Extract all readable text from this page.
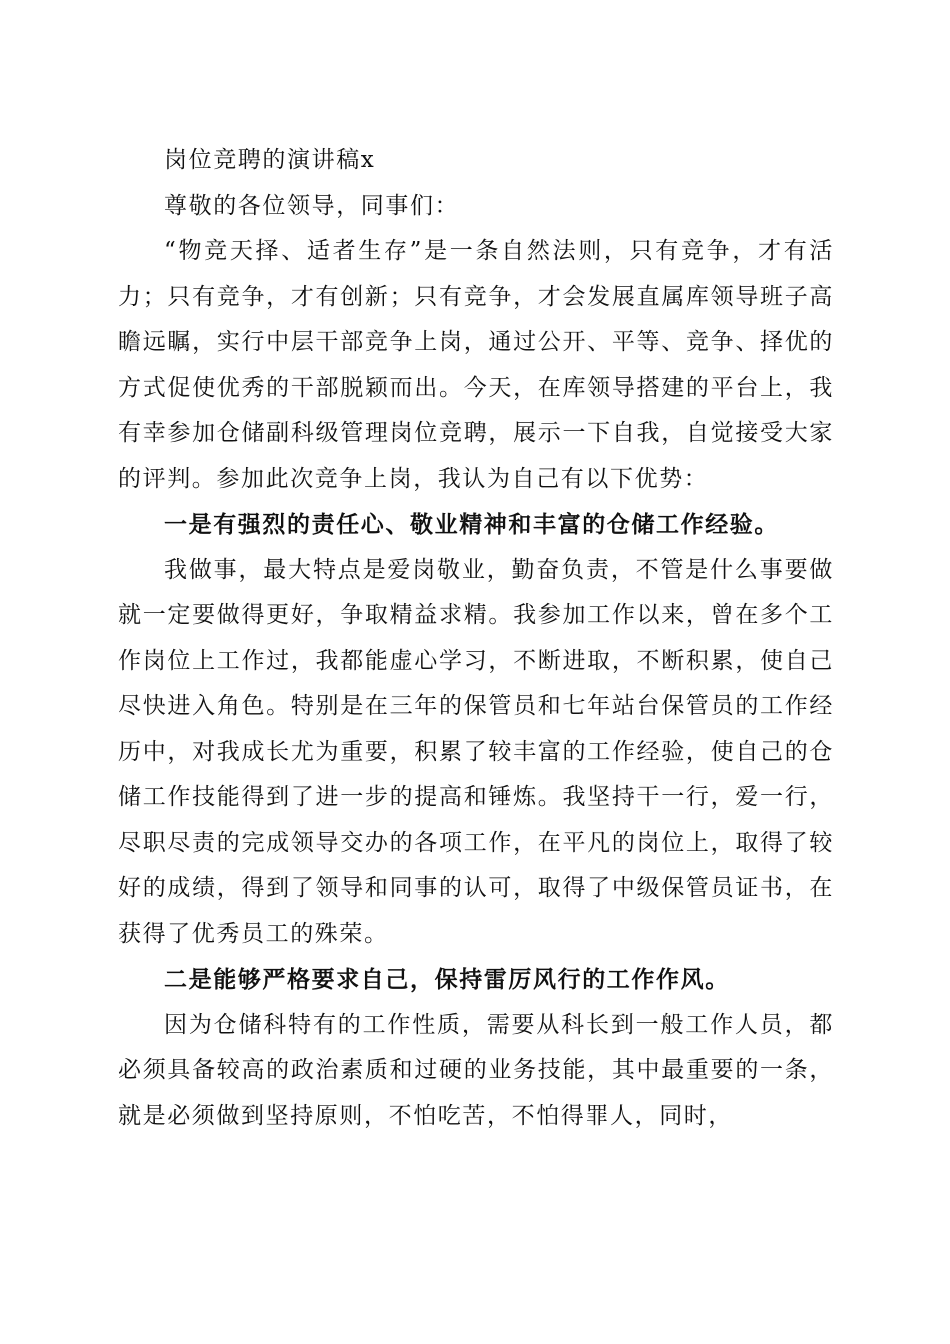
岗位竞聘的演讲稿x

尊敬的各位领导，同事们：

“物竞天择、适者生存”是一条自然法则，只有竞争，才有活力；只有竞争，才有创新；只有竞争，才会发展直属库领导班子高瞻远瞩，实行中层干部竞争上岗，通过公开、平等、竞争、择优的方式促使优秀的干部脱颖而出。今天，在库领导搭建的平台上，我有幸参加仓储副科级管理岗位竞聘，展示一下自我，自觉接受大家的评判。参加此次竞争上岗，我认为自己有以下优势：

一是有强烈的责任心、敬业精神和丰富的仓储工作经验。

我做事，最大特点是爱岗敬业，勤奋负责，不管是什么事要做就一定要做得更好，争取精益求精。我参加工作以来，曾在多个工作岗位上工作过，我都能虚心学习，不断进取，不断积累，使自己尽快进入角色。特别是在三年的保管员和七年站台保管员的工作经历中，对我成长尤为重要，积累了较丰富的工作经验，使自己的仓储工作技能得到了进一步的提高和锤炼。我坚持干一行，爱一行，尽职尽责的完成领导交办的各项工作，在平凡的岗位上，取得了较好的成绩，得到了领导和同事的认可，取得了中级保管员证书，在获得了优秀员工的殊荣。

二是能够严格要求自己，保持雷厉风行的工作作风。

因为仓储科特有的工作性质，需要从科长到一般工作人员，都必须具备较高的政治素质和过硬的业务技能，其中最重要的一条，就是必须做到坚持原则，不怕吃苦，不怕得罪人，同时，
